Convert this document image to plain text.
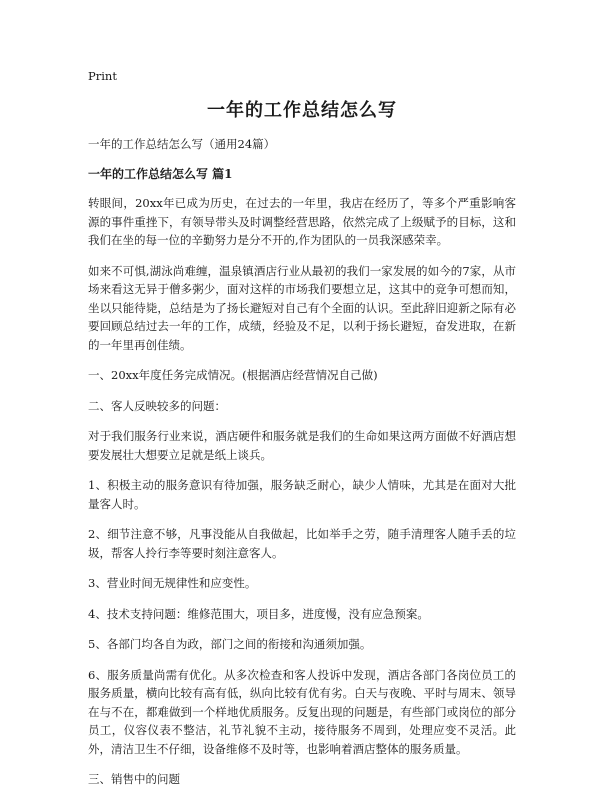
Print
一年的工作总结怎么写
一年的工作总结怎么写（通用24篇）
一年的工作总结怎么写 篇1

转眼间，20xx年已成为历史，在过去的一年里，我店在经历了，等多个严重影响客源的事件重挫下，有领导带头及时调整经营思路，依然完成了上级赋予的目标，这和我们在坐的每一位的辛勤努力是分不开的,作为团队的一员我深感荣幸。

如来不可惧,湖泳尚难缠，温泉镇酒店行业从最初的我们一家发展的如今的7家，从市场来看这无异于僧多粥少，面对这样的市场我们要想立足，这其中的竞争可想而知，坐以只能待毙，总结是为了扬长避短对自己有个全面的认识。至此辞旧迎新之际有必要回顾总结过去一年的工作，成绩，经验及不足，以利于扬长避短，奋发进取，在新的一年里再创佳绩。

一、20xx年度任务完成情况。(根据酒店经营情况自己做)

二、客人反映较多的问题：

对于我们服务行业来说，酒店硬件和服务就是我们的生命如果这两方面做不好酒店想要发展壮大想要立足就是纸上谈兵。

1、积极主动的服务意识有待加强，服务缺乏耐心，缺少人情味，尤其是在面对大批量客人时。

2、细节注意不够，凡事没能从自我做起，比如举手之劳，随手清理客人随手丢的垃圾，帮客人拎行李等要时刻注意客人。

3、营业时间无规律性和应变性。

4、技术支持问题：维修范围大，项目多，进度慢，没有应急预案。

5、各部门均各自为政，部门之间的衔接和沟通须加强。

6、服务质量尚需有优化。从多次检查和客人投诉中发现，酒店各部门各岗位员工的服务质量，横向比较有高有低，纵向比较有优有劣。白天与夜晚、平时与周末、领导在与不在，都难做到一个样地优质服务。反复出现的问题是，有些部门或岗位的部分员工，仪容仪表不整洁，礼节礼貌不主动，接待服务不周到，处理应变不灵活。此外，清洁卫生不仔细，设备维修不及时等，也影响着酒店整体的服务质量。

三、销售中的问题
